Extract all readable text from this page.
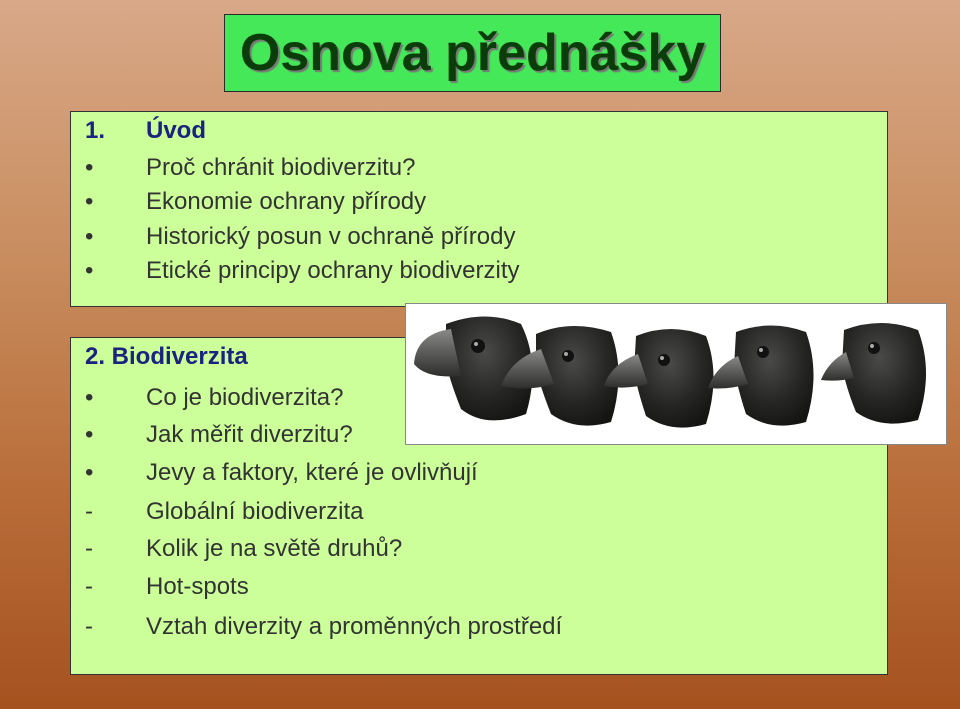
Osnova přednášky
1. Úvod
• Proč chránit biodiverzitu?
• Ekonomie ochrany přírody
• Historický posun v ochraně přírody
• Etické principy ochrany biodiverzity
2. Biodiverzita
• Co je biodiverzita?
• Jak měřit diverzitu?
• Jevy a faktory, které je ovlivňují
- Globální biodiverzita
- Kolik je na světě druhů?
- Hot-spots
- Vztah diverzity a proměnných prostředí
